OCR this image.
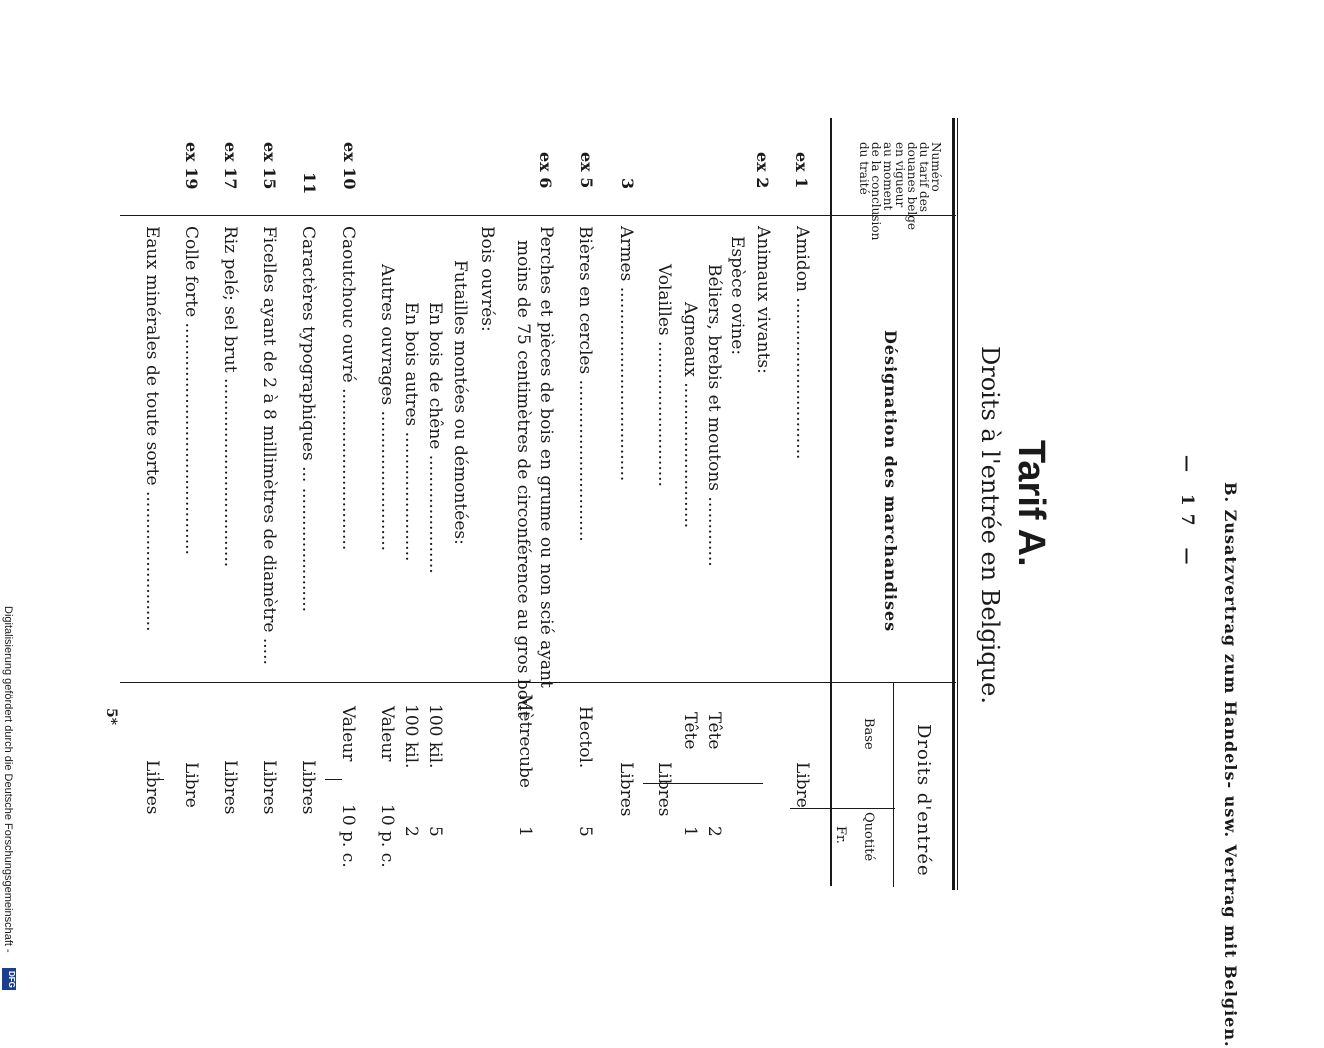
B. Zusatzvertrag zum Handels- usw. Vertrag mit Belgien.
— 17 —
Tarif A.
Droits à l'entrée en Belgique.
Numéro
du tarif des
douanes belge
en vigueur
au moment
de la conclusion
du traité
Désignation des marchandises
Droits d'entrée
Base
Quotité
Fr.
ex 1
ex 2
3
ex 5
ex 6
ex 10
11
ex 15
ex 17
ex 19
Amidon ..............................
Animaux vivants:
Espèce ovine:
Béliers, brebis et moutons .............
Agneaux ...........................
Volailles ...........................
Armes ....................................
Bières en cercles ..............................
Perches et pièces de bois en grume ou non scié ayant
moins de 75 centimètres de circonférence au gros bout
Bois ouvrés:
Futailles montées ou démontées:
En bois de chêne ......................
En bois autres ........................
Autres ouvrages ..........................
Caoutchouc ouvré ..............................
Caractères typographiques ... .......................
Ficelles ayant de 2 à 8 millimètres de diamètre .....
Riz pelé; sel brut ...................................
Colle forte ...........................................
Eaux minérales de toute sorte ..........................
Libre
Tête
Tête
Libres
Libres
Hectol.
Mètrecube
100 kil.
100 kil.
Valeur
Valeur
Libres
Libres
Libres
Libre
Libres
2
1
5
1
5
2
10 p. c.
10 p. c.
5*
Digitalisierung gefördert durch die Deutsche Forschungsgemeinschaft -
DFG
